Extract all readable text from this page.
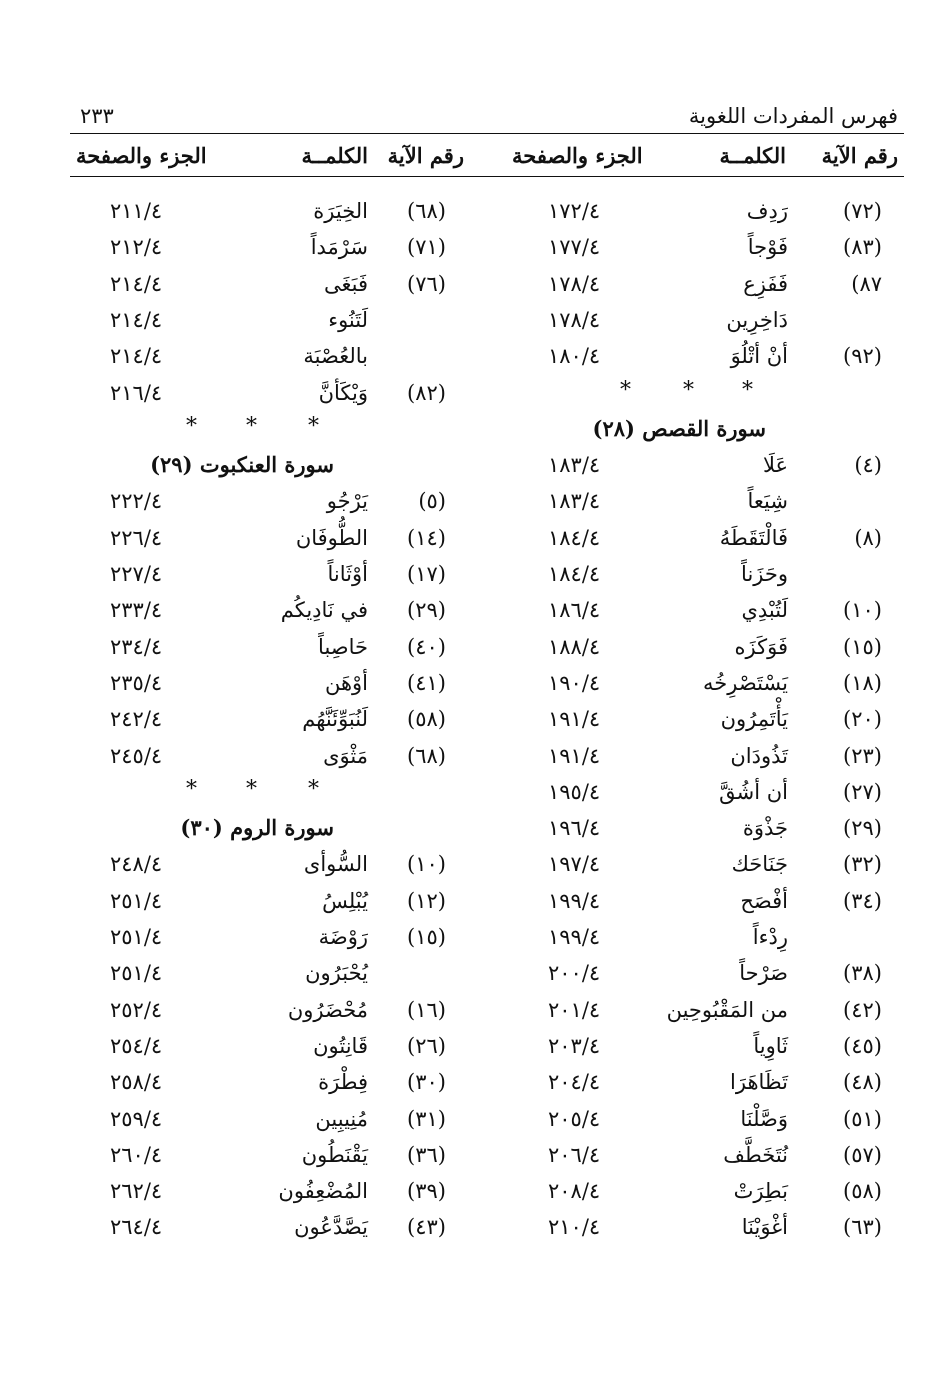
فهرس المفردات اللغوية
٢٣٣
رقم الآية
الكلمــة
الجزء والصفحة
رقم الآية
الكلمــة
الجزء والصفحة
(٧٢)
رَدِف
١٧٢/٤
(٨٣)
فَوْجاً
١٧٧/٤
٨٧)
فَفَزِع
١٧٨/٤
دَاخِرِين
١٧٨/٤
(٩٢)
أنْ أتْلُوَ
١٨٠/٤
* * *
سورة القصص (٢٨)
(٤)
عَلَا
١٨٣/٤
شِيَعاً
١٨٣/٤
(٨)
فَالْتَقَطَهُ
١٨٤/٤
وحَزَناً
١٨٤/٤
(١٠)
لَتُبْدِي
١٨٦/٤
(١٥)
فَوَكَزَه
١٨٨/٤
(١٨)
يَسْتَصْرِخُه
١٩٠/٤
(٢٠)
يَأْتَمِرُون
١٩١/٤
(٢٣)
تَذُودَان
١٩١/٤
(٢٧)
أن أشُقَّ
١٩٥/٤
(٢٩)
جَذْوَة
١٩٦/٤
(٣٢)
جَنَاحَك
١٩٧/٤
(٣٤)
أفْصَح
١٩٩/٤
رِدْءاً
١٩٩/٤
(٣٨)
صَرْحاً
٢٠٠/٤
(٤٢)
من المَقْبُوحِين
٢٠١/٤
(٤٥)
ثَاوِياً
٢٠٣/٤
(٤٨)
تَظَاهَرَا
٢٠٤/٤
(٥١)
وَصَّلْنَا
٢٠٥/٤
(٥٧)
نُتَخَطَّف
٢٠٦/٤
(٥٨)
بَطِرَتْ
٢٠٨/٤
(٦٣)
أغْوَيْنَا
٢١٠/٤
(٦٨)
الخِيَرَة
٢١١/٤
(٧١)
سَرْمَداً
٢١٢/٤
(٧٦)
فَبَغَى
٢١٤/٤
لَتَنُوء
٢١٤/٤
بالعُصْبَة
٢١٤/٤
(٨٢)
وَيْكَأنَّ
٢١٦/٤
* * *
سورة العنكبوت (٢٩)
(٥)
يَرْجُو
٢٢٢/٤
(١٤)
الطُّوفَان
٢٢٦/٤
(١٧)
أوْثَاناً
٢٢٧/٤
(٢٩)
في نَادِيكُم
٢٣٣/٤
(٤٠)
حَاصِباً
٢٣٤/٤
(٤١)
أوْهَن
٢٣٥/٤
(٥٨)
لَنُبَوِّئَنَّهُم
٢٤٢/٤
(٦٨)
مَثْوَى
٢٤٥/٤
* * *
سورة الروم (٣٠)
(١٠)
السُّوأى
٢٤٨/٤
(١٢)
يُبْلِسُ
٢٥١/٤
(١٥)
رَوْضَة
٢٥١/٤
يُحْبَرُون
٢٥١/٤
(١٦)
مُحْضَرُون
٢٥٢/٤
(٢٦)
قَانِتُون
٢٥٤/٤
(٣٠)
فِطْرَة
٢٥٨/٤
(٣١)
مُنِيبِين
٢٥٩/٤
(٣٦)
يَقْنَطُون
٢٦٠/٤
(٣٩)
المُضْعِفُون
٢٦٢/٤
(٤٣)
يَصَّدَّعُون
٢٦٤/٤
